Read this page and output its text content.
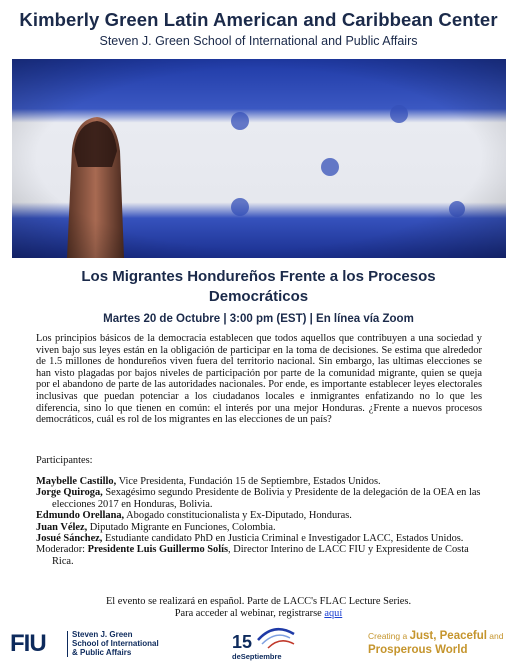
Kimberly Green Latin American and Caribbean Center
Steven J. Green School of International and Public Affairs
Los Migrantes Hondureños Frente a los Procesos
Democráticos
Martes 20 de Octubre | 3:00 pm (EST) | En línea vía Zoom

Los principios básicos de la democracia establecen que todos aquellos que contribuyen a una sociedad y viven bajo sus leyes están en la obligación de participar en la toma de decisiones. Se estima que alrededor de 1.5 millones de hondureños viven fuera del territorio nacional. Sin embargo, las ultimas elecciones se han visto plagadas por bajos niveles de participación por parte de la comunidad migrante, quien se queja por el abandono de parte de las autoridades nacionales. Por ende, es importante establecer leyes electorales inclusivas que puedan potenciar a los ciudadanos locales e inmigrantes enfatizando no lo que les diferencia, sino lo que tienen en común: el interés por una mejor Honduras. ¿Frente a nuevos procesos democráticos, cuál es rol de los migrantes en las elecciones de un país?

Participantes:

Maybelle Castillo, Vice Presidenta, Fundación 15 de Septiembre, Estados Unidos.
Jorge Quiroga, Sexagésimo segundo Presidente de Bolivia y Presidente de la delegación de la OEA en las elecciones 2017 en Honduras, Bolivia.
Edmundo Orellana, Abogado constitucionalista y Ex-Diputado, Honduras.
Juan Vélez, Diputado Migrante en Funciones, Colombia.
Josué Sánchez, Estudiante candidato PhD en Justicia Criminal e Investigador LACC, Estados Unidos.
Moderador: Presidente Luis Guillermo Solís, Director Interino de LACC FIU y Expresidente de Costa Rica.
El evento se realizará en español. Parte de LACC's FLAC Lecture Series.
Para acceder al webinar, registrarse aquí
FIU	Steven J. Green
School of International
& Public Affairs
15
deSeptiembre
Creating a Just, Peaceful and
Prosperous World
